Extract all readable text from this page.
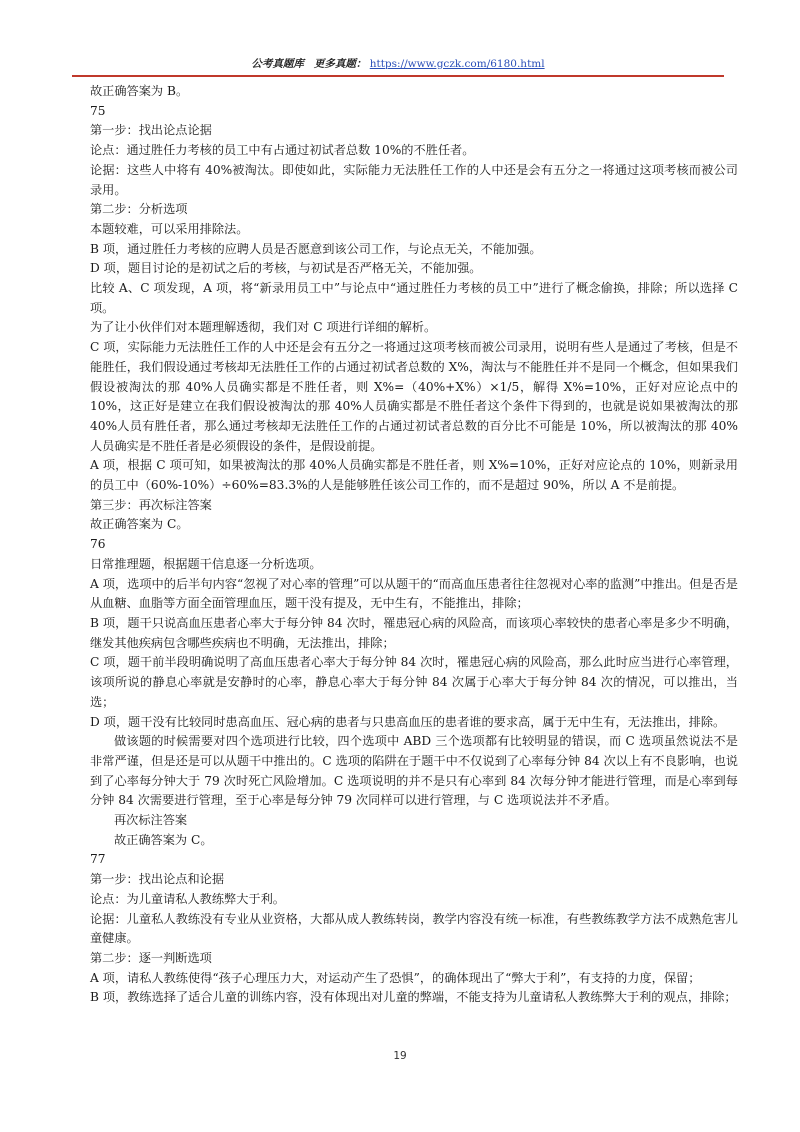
公考真题库 更多真题： https://www.gczk.com/6180.html

故正确答案为 B。

75

第一步：找出论点论据

论点：通过胜任力考核的员工中有占通过初试者总数 10%的不胜任者。

论据：这些人中将有 40%被淘汰。即使如此，实际能力无法胜任工作的人中还是会有五分之一将通过这项考核而被公司录用。

第二步：分析选项

本题较难，可以采用排除法。

B 项，通过胜任力考核的应聘人员是否愿意到该公司工作，与论点无关，不能加强。

D 项，题目讨论的是初试之后的考核，与初试是否严格无关，不能加强。

比较 A、C 项发现，A 项，将“新录用员工中”与论点中“通过胜任力考核的员工中”进行了概念偷换，排除；所以选择 C 项。

为了让小伙伴们对本题理解透彻，我们对 C 项进行详细的解析。

C 项，实际能力无法胜任工作的人中还是会有五分之一将通过这项考核而被公司录用，说明有些人是通过了考核，但是不能胜任，我们假设通过考核却无法胜任工作的占通过初试者总数的 X%，淘汰与不能胜任并不是同一个概念，但如果我们假设被淘汰的那 40%人员确实都是不胜任者，则 X%=（40%+X%）×1/5，解得 X%=10%，正好对应论点中的 10%，这正好是建立在我们假设被淘汰的那 40%人员确实都是不胜任者这个条件下得到的，也就是说如果被淘汰的那 40%人员有胜任者，那么通过考核却无法胜任工作的占通过初试者总数的百分比不可能是 10%，所以被淘汰的那 40%人员确实是不胜任者是必须假设的条件，是假设前提。

A 项，根据 C 项可知，如果被淘汰的那 40%人员确实都是不胜任者，则 X%=10%，正好对应论点的 10%，则新录用的员工中（60%-10%）÷60%=83.3%的人是能够胜任该公司工作的，而不是超过 90%，所以 A 不是前提。

第三步：再次标注答案

故正确答案为 C。

76

日常推理题，根据题干信息逐一分析选项。

A 项，选项中的后半句内容“忽视了对心率的管理”可以从题干的“而高血压患者往往忽视对心率的监测”中推出。但是否是从血糖、血脂等方面全面管理血压，题干没有提及，无中生有，不能推出，排除；

B 项，题干只说高血压患者心率大于每分钟 84 次时，罹患冠心病的风险高，而该项心率较快的患者心率是多少不明确，继发其他疾病包含哪些疾病也不明确，无法推出，排除；

C 项，题干前半段明确说明了高血压患者心率大于每分钟 84 次时，罹患冠心病的风险高，那么此时应当进行心率管理，该项所说的静息心率就是安静时的心率，静息心率大于每分钟 84 次属于心率大于每分钟 84 次的情况，可以推出，当选；

D 项，题干没有比较同时患高血压、冠心病的患者与只患高血压的患者谁的要求高，属于无中生有，无法推出，排除。

做该题的时候需要对四个选项进行比较，四个选项中 ABD 三个选项都有比较明显的错误，而 C 选项虽然说法不是非常严谨，但是还是可以从题干中推出的。C 选项的陷阱在于题干中不仅说到了心率每分钟 84 次以上有不良影响，也说到了心率每分钟大于 79 次时死亡风险增加。C 选项说明的并不是只有心率到 84 次每分钟才能进行管理，而是心率到每分钟 84 次需要进行管理，至于心率是每分钟 79 次同样可以进行管理，与 C 选项说法并不矛盾。

再次标注答案

故正确答案为 C。

77

第一步：找出论点和论据

论点：为儿童请私人教练弊大于利。

论据：儿童私人教练没有专业从业资格，大都从成人教练转岗，教学内容没有统一标准，有些教练教学方法不成熟危害儿童健康。

第二步：逐一判断选项

A 项，请私人教练使得“孩子心理压力大，对运动产生了恐惧”，的确体现出了“弊大于利”，有支持的力度，保留；

B 项，教练选择了适合儿童的训练内容，没有体现出对儿童的弊端，不能支持为儿童请私人教练弊大于利的观点，排除；

19
